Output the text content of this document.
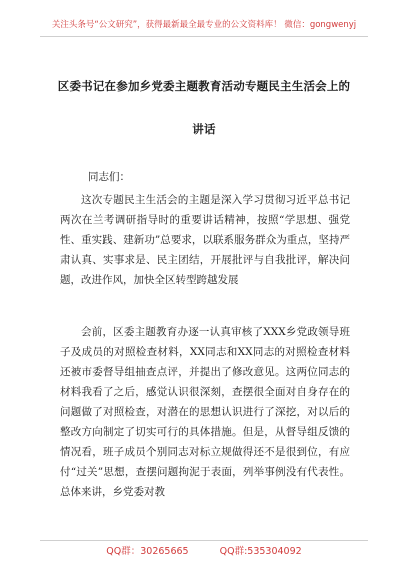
关注头条号“公文研究”，获得最新最全最专业的公文资料库！ 微信：gongwenyj
区委书记在参加乡党委主题教育活动专题民主生活会上的
讲话
同志们：
这次专题民主生活会的主题是深入学习贯彻习近平总书记两次在兰考调研指导时的重要讲话精神，按照“学思想、强党性、重实践、建新功”总要求，以联系服务群众为重点，坚持严肃认真、实事求是、民主团结，开展批评与自我批评，解决问题，改进作风，加快全区转型跨越发展
会前，区委主题教育办逐一认真审核了XXX乡党政领导班子及成员的对照检查材料，XX同志和XX同志的对照检查材料还被市委督导组抽查点评，并提出了修改意见。这两位同志的材料我看了之后，感觉认识很深刻，查摆很全面对自身存在的问题做了对照检查，对潜在的思想认识进行了深挖，对以后的整改方向制定了切实可行的具体措施。但是，从督导组反馈的情况看，班子成员个别同志对标立规做得还不是很到位，有应付“过关”思想，查摆问题拘泥于表面，列举事例没有代表性。总体来讲，乡党委对教
QQ群：30265665	QQ群:535304092
